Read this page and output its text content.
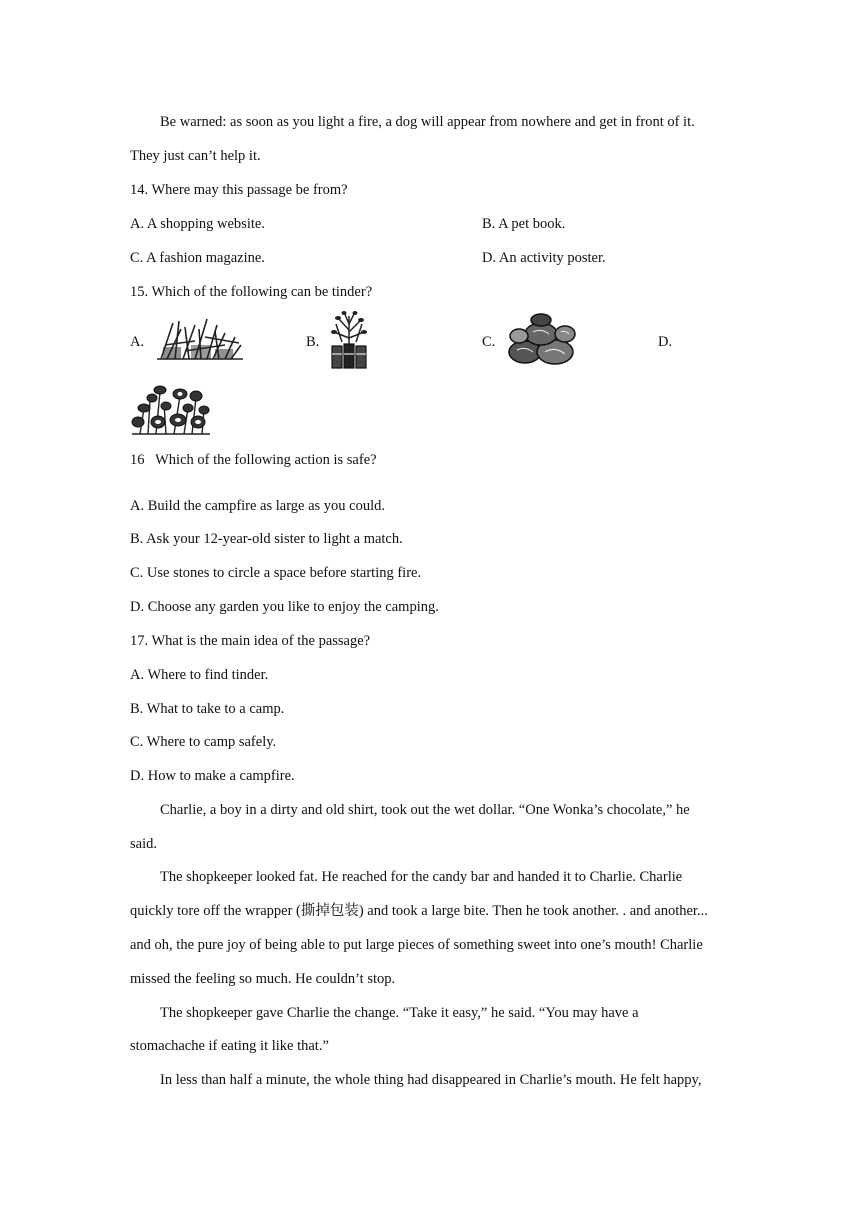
Be warned: as soon as you light a fire, a dog will appear from nowhere and get in front of it.
They just can’t help it.
14. Where may this passage be from?
A. A shopping website.	B. A pet book.
C. A fashion magazine.	D. An activity poster.
15. Which of the following can be tinder?
A.	B.	C.	D.
16   Which of the following action is safe?
A. Build the campfire as large as you could.
B. Ask your 12-year-old sister to light a match.
C. Use stones to circle a space before starting fire.
D. Choose any garden you like to enjoy the camping.
17. What is the main idea of the passage?
A. Where to find tinder.
B. What to take to a camp.
C. Where to camp safely.
D. How to make a campfire.
Charlie, a boy in a dirty and old shirt, took out the wet dollar. “One Wonka’s chocolate,” he
said.
The shopkeeper looked fat. He reached for the candy bar and handed it to Charlie. Charlie
quickly tore off the wrapper (撕掉包装) and took a large bite. Then he took another. . and another...
and oh, the pure joy of being able to put large pieces of something sweet into one’s mouth! Charlie
missed the feeling so much. He couldn’t stop.
The shopkeeper gave Charlie the change. “Take it easy,” he said. “You may have a
stomachache if eating it like that.”
In less than half a minute, the whole thing had disappeared in Charlie’s mouth. He felt happy,
